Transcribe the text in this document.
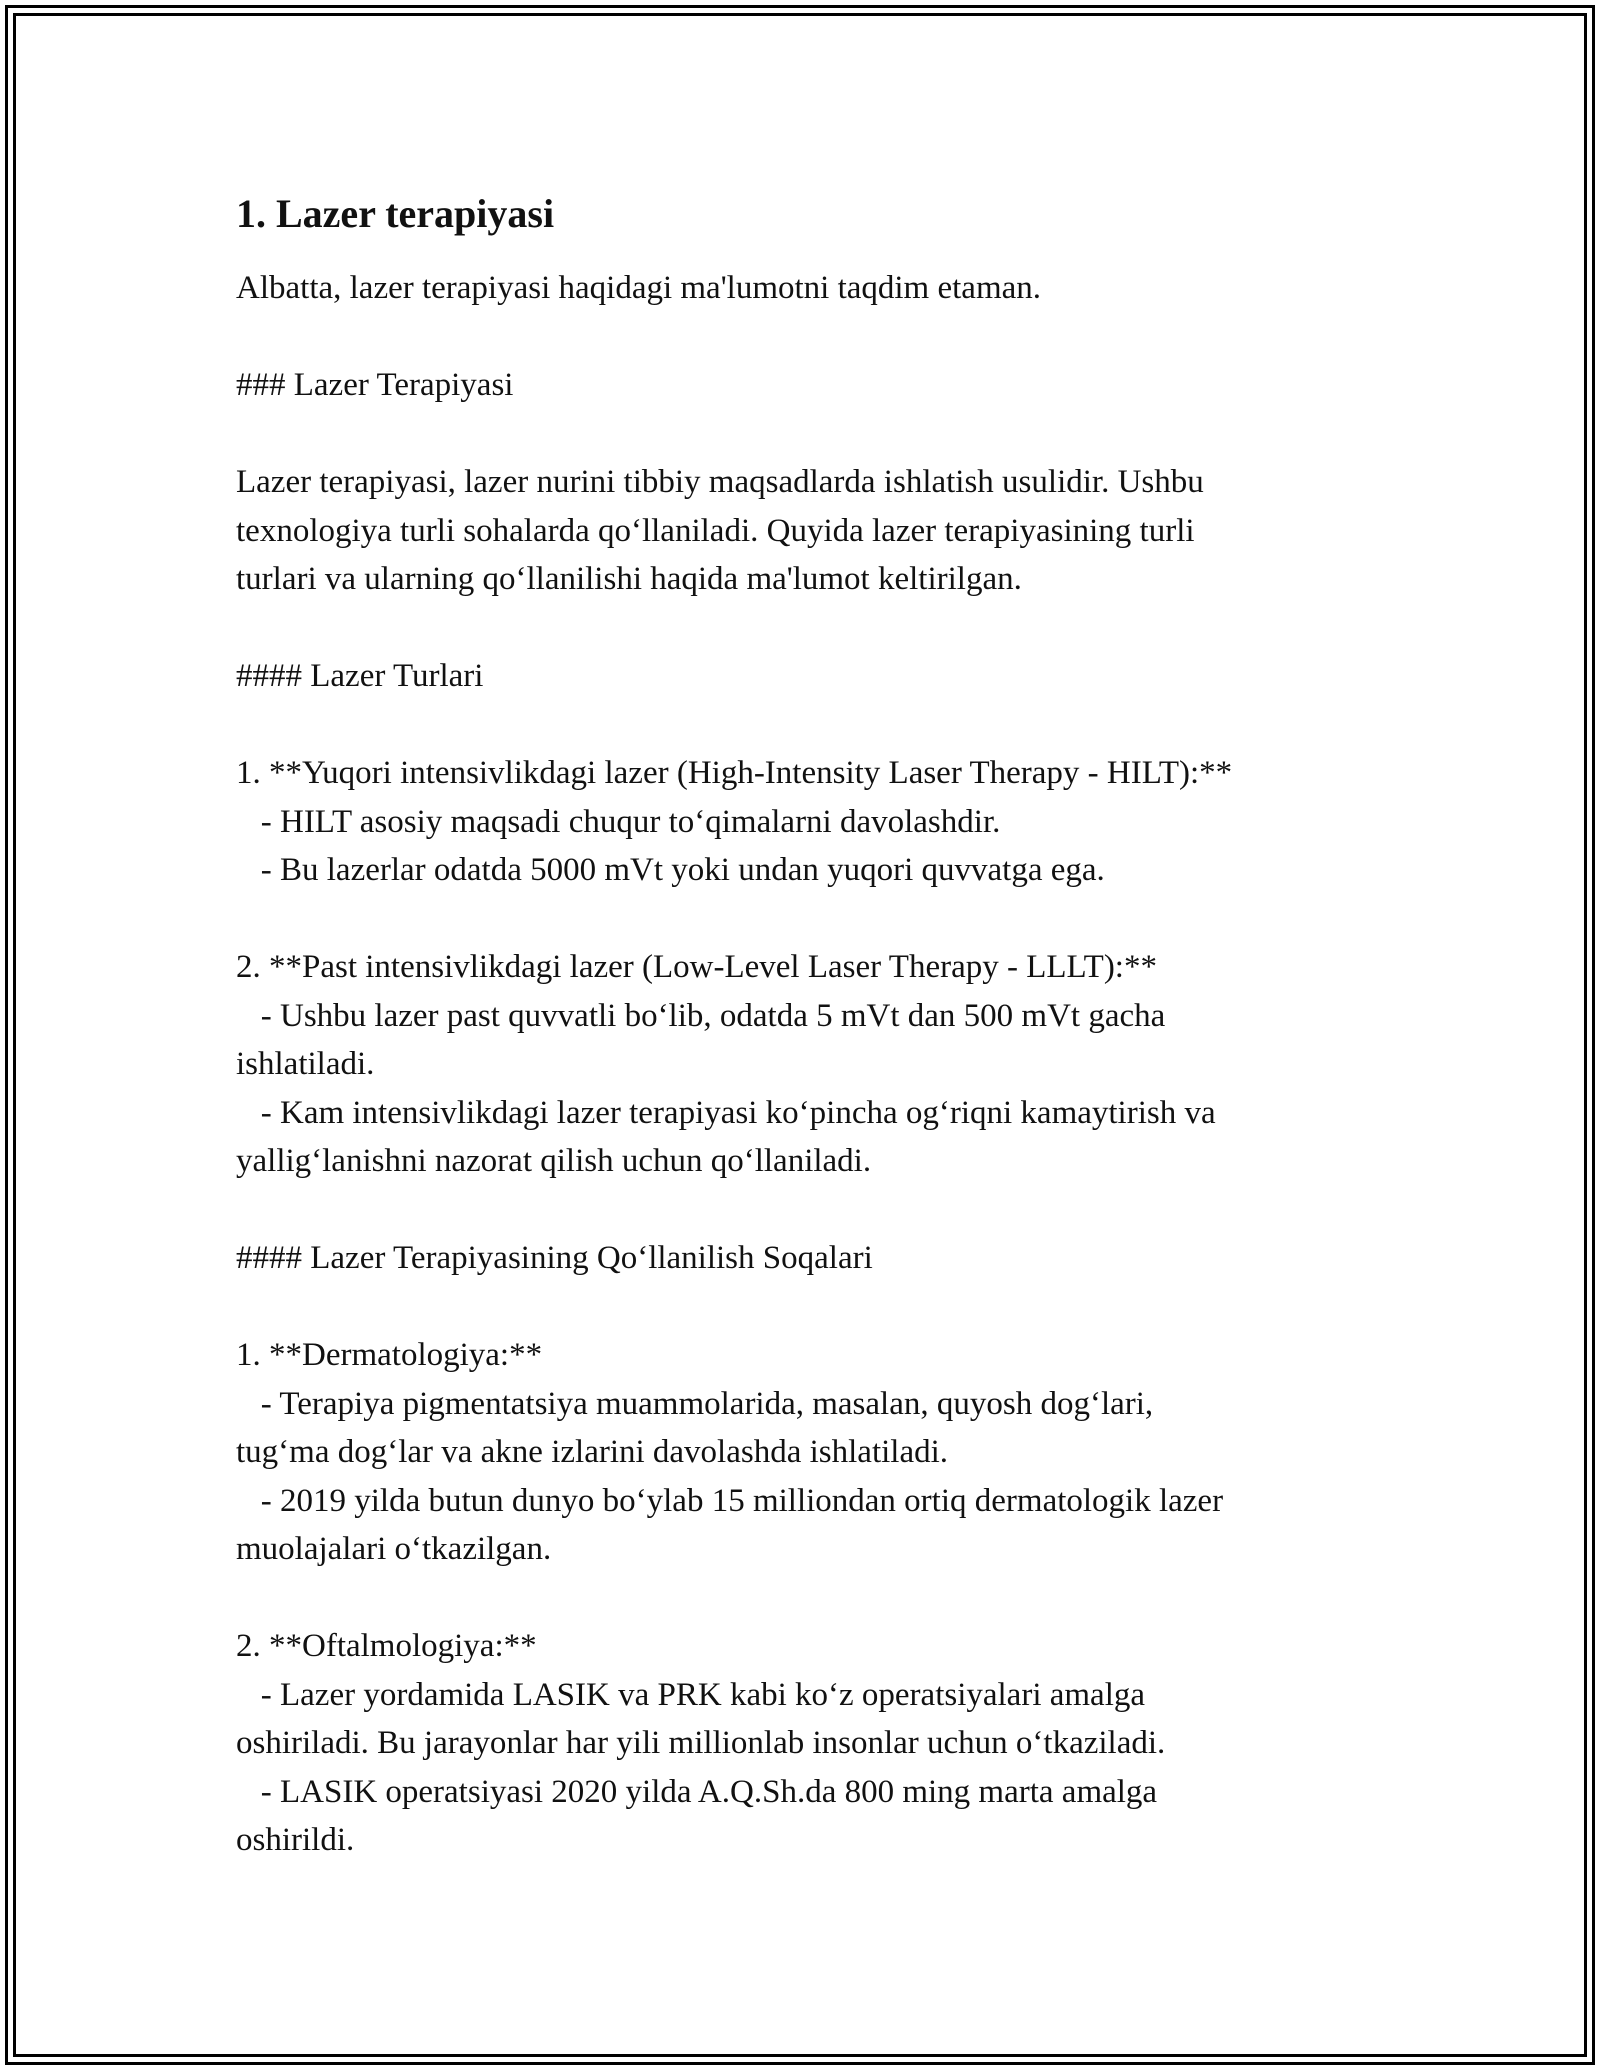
1. Lazer terapiyasi
Albatta, lazer terapiyasi haqidagi ma'lumotni taqdim etaman.
### Lazer Terapiyasi
Lazer terapiyasi, lazer nurini tibbiy maqsadlarda ishlatish usulidir. Ushbu
texnologiya turli sohalarda qo‘llaniladi. Quyida lazer terapiyasining turli
turlari va ularning qo‘llanilishi haqida ma'lumot keltirilgan.
#### Lazer Turlari
1. **Yuqori intensivlikdagi lazer (High-Intensity Laser Therapy - HILT):**
- HILT asosiy maqsadi chuqur to‘qimalarni davolashdir.
- Bu lazerlar odatda 5000 mVt yoki undan yuqori quvvatga ega.
2. **Past intensivlikdagi lazer (Low-Level Laser Therapy - LLLT):**
- Ushbu lazer past quvvatli bo‘lib, odatda 5 mVt dan 500 mVt gacha
ishlatiladi.
- Kam intensivlikdagi lazer terapiyasi ko‘pincha og‘riqni kamaytirish va
yallig‘lanishni nazorat qilish uchun qo‘llaniladi.
#### Lazer Terapiyasining Qo‘llanilish Soqalari
1. **Dermatologiya:**
- Terapiya pigmentatsiya muammolarida, masalan, quyosh dog‘lari,
tug‘ma dog‘lar va akne izlarini davolashda ishlatiladi.
- 2019 yilda butun dunyo bo‘ylab 15 milliondan ortiq dermatologik lazer
muolajalari o‘tkazilgan.
2. **Oftalmologiya:**
- Lazer yordamida LASIK va PRK kabi ko‘z operatsiyalari amalga
oshiriladi. Bu jarayonlar har yili millionlab insonlar uchun o‘tkaziladi.
- LASIK operatsiyasi 2020 yilda A.Q.Sh.da 800 ming marta amalga
oshirildi.
